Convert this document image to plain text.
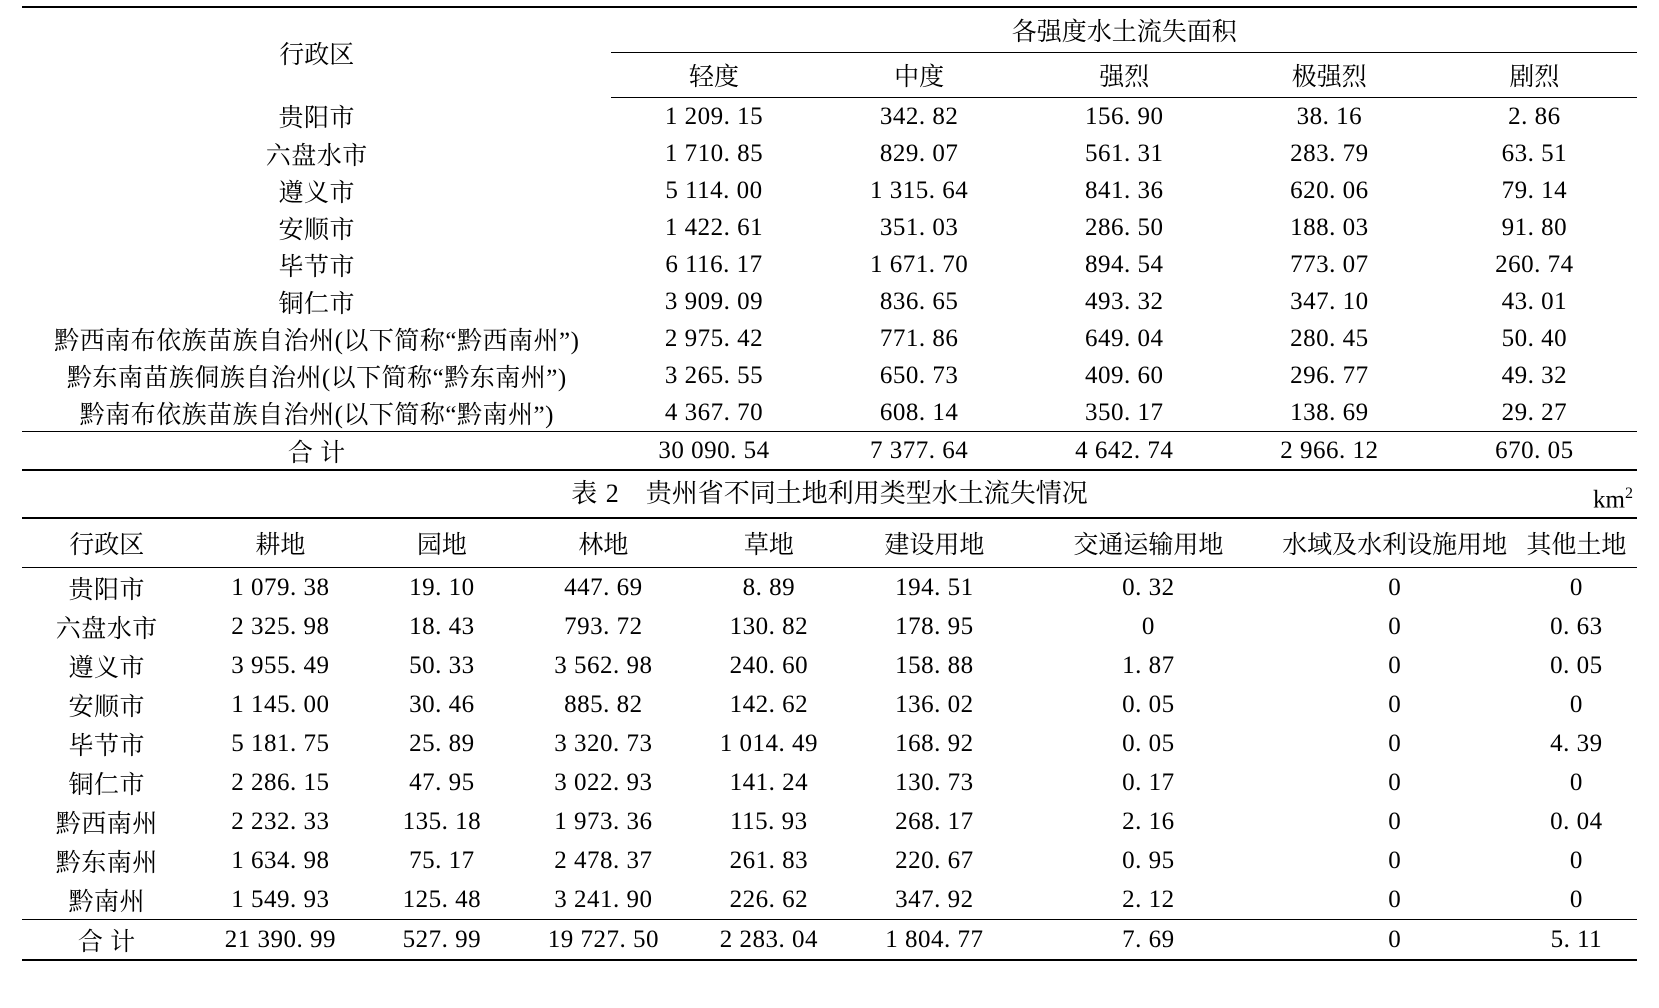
行政区	各强度水土流失面积				
	轻度	中度	强烈	极强烈	剧烈
贵阳市	1 209. 15	342. 82	156. 90	38. 16	2. 86
六盘水市	1 710. 85	829. 07	561. 31	283. 79	63. 51
遵义市	5 114. 00	1 315. 64	841. 36	620. 06	79. 14
安顺市	1 422. 61	351. 03	286. 50	188. 03	91. 80
毕节市	6 116. 17	1 671. 70	894. 54	773. 07	260. 74
铜仁市	3 909. 09	836. 65	493. 32	347. 10	43. 01
黔西南布依族苗族自治州(以下简称“黔西南州”)	2 975. 42	771. 86	649. 04	280. 45	50. 40
黔东南苗族侗族自治州(以下简称“黔东南州”)	3 265. 55	650. 73	409. 60	296. 77	49. 32
黔南布依族苗族自治州(以下简称“黔南州”)	4 367. 70	608. 14	350. 17	138. 69	29. 27
合 计	30 090. 54	7 377. 64	4 642. 74	2 966. 12	670. 05
表 2 贵州省不同土地利用类型水土流失情况	$km^2$
行政区	耕地	园地	林地	草地	建设用地	交通运输用地	水域及水利设施用地	其他土地
贵阳市	1 079. 38	19. 10	447. 69	8. 89	194. 51	0. 32	0	0
六盘水市	2 325. 98	18. 43	793. 72	130. 82	178. 95	0	0	0. 63
遵义市	3 955. 49	50. 33	3 562. 98	240. 60	158. 88	1. 87	0	0. 05
安顺市	1 145. 00	30. 46	885. 82	142. 62	136. 02	0. 05	0	0
毕节市	5 181. 75	25. 89	3 320. 73	1 014. 49	168. 92	0. 05	0	4. 39
铜仁市	2 286. 15	47. 95	3 022. 93	141. 24	130. 73	0. 17	0	0
黔西南州	2 232. 33	135. 18	1 973. 36	115. 93	268. 17	2. 16	0	0. 04
黔东南州	1 634. 98	75. 17	2 478. 37	261. 83	220. 67	0. 95	0	0
黔南州	1 549. 93	125. 48	3 241. 90	226. 62	347. 92	2. 12	0	0
合 计	21 390. 99	527. 99	19 727. 50	2 283. 04	1 804. 77	7. 69	0	5. 11
